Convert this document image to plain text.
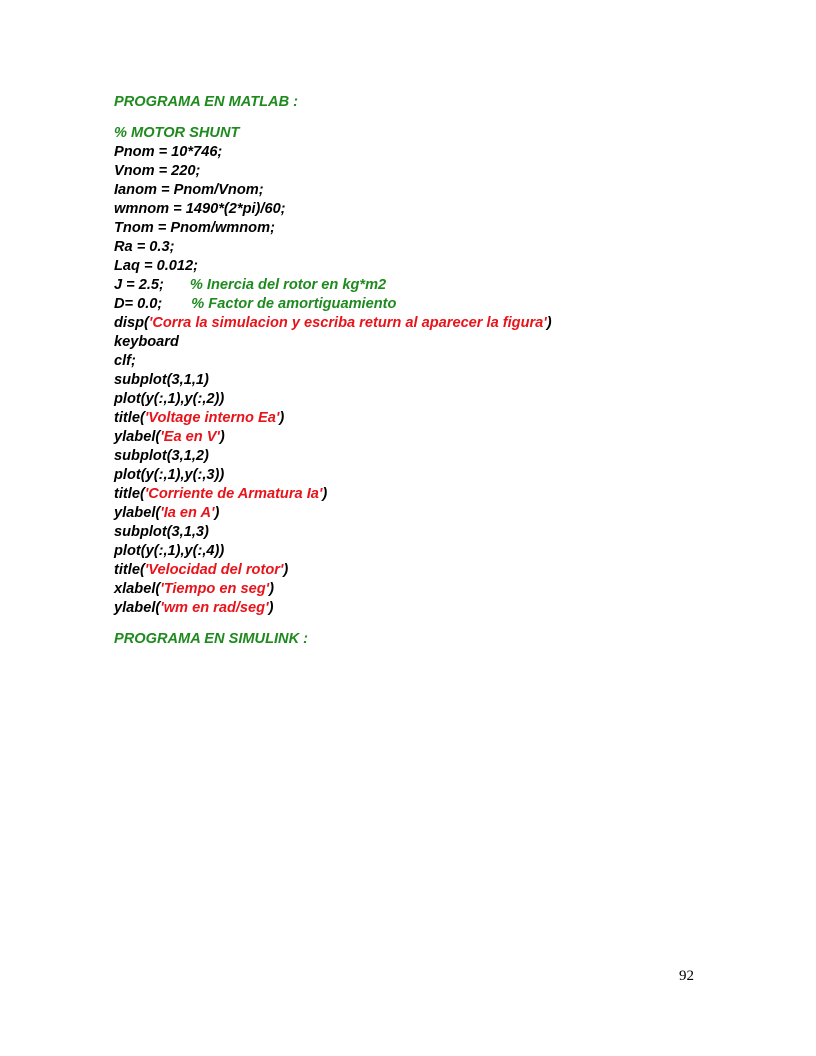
PROGRAMA EN MATLAB :
% MOTOR SHUNT
Pnom = 10*746;
Vnom = 220;
Ianom = Pnom/Vnom;
wmnom = 1490*(2*pi)/60;
Tnom = Pnom/wmnom;
Ra = 0.3;
Laq = 0.012;
J = 2.5; % Inercia del rotor en kg*m2
D= 0.0; % Factor de amortiguamiento
disp('Corra la simulacion y escriba return al aparecer la figura')
keyboard
clf;
subplot(3,1,1)
plot(y(:,1),y(:,2))
title('Voltage interno Ea')
ylabel('Ea en V')
subplot(3,1,2)
plot(y(:,1),y(:,3))
title('Corriente de Armatura Ia')
ylabel('Ia en A')
subplot(3,1,3)
plot(y(:,1),y(:,4))
title('Velocidad del rotor')
xlabel('Tiempo en seg')
ylabel('wm en rad/seg')
PROGRAMA EN SIMULINK :
92
